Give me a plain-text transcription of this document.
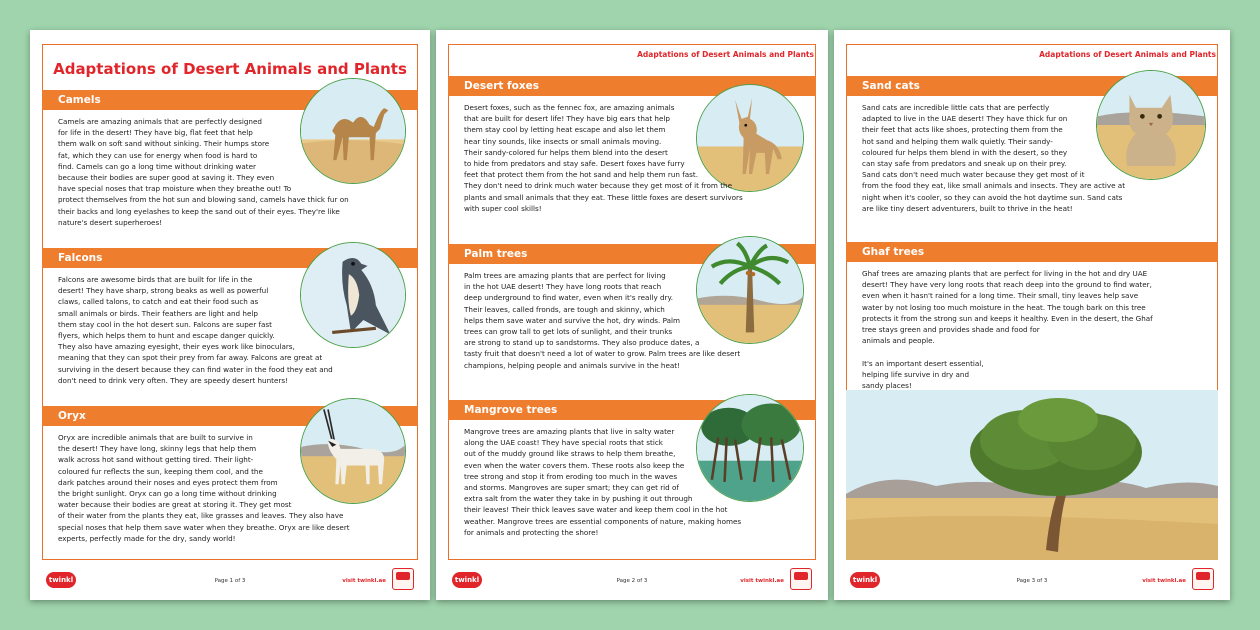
Adaptations of Desert Animals and Plants
Camels
Camels are amazing animals that are perfectly designed
for life in the desert! They have big, flat feet that help
them walk on soft sand without sinking. Their humps store
fat, which they can use for energy when food is hard to
find. Camels can go a long time without drinking water
because their bodies are super good at saving it. They even
have special noses that trap moisture when they breathe out! To
protect themselves from the hot sun and blowing sand, camels have thick fur on
their backs and long eyelashes to keep the sand out of their eyes. They're like
nature's desert superheroes!
Falcons
Falcons are awesome birds that are built for life in the
desert! They have sharp, strong beaks as well as powerful
claws, called talons, to catch and eat their food such as
small animals or birds. Their feathers are light and help
them stay cool in the hot desert sun. Falcons are super fast
flyers, which helps them to hunt and escape danger quickly.
They also have amazing eyesight, their eyes work like binoculars,
meaning that they can spot their prey from far away. Falcons are great at
surviving in the desert because they can find water in the food they eat and
don't need to drink very often. They are speedy desert hunters!
Oryx
Oryx are incredible animals that are built to survive in
the desert! They have long, skinny legs that help them
walk across hot sand without getting tired. Their light-
coloured fur reflects the sun, keeping them cool, and the
dark patches around their noses and eyes protect them from
the bright sunlight. Oryx can go a long time without drinking
water because their bodies are great at storing it. They get most
of their water from the plants they eat, like grasses and leaves. They also have
special noses that help them save water when they breathe. Oryx are like desert
experts, perfectly made for the dry, sandy world!
twinkl	Page 1 of 3	visit twinkl.ae
Adaptations of Desert Animals and Plants
Desert foxes
Desert foxes, such as the fennec fox, are amazing animals
that are built for desert life! They have big ears that help
them stay cool by letting heat escape and also let them
hear tiny sounds, like insects or small animals moving.
Their sandy-colored fur helps them blend into the desert
to hide from predators and stay safe. Desert foxes have furry
feet that protect them from the hot sand and help them run fast.
They don't need to drink much water because they get most of it from the
plants and small animals that they eat. These little foxes are desert survivors
with super cool skills!
Palm trees
Palm trees are amazing plants that are perfect for living
in the hot UAE desert! They have long roots that reach
deep underground to find water, even when it's really dry.
Their leaves, called fronds, are tough and skinny, which
helps them save water and survive the hot, dry winds. Palm
trees can grow tall to get lots of sunlight, and their trunks
are strong to stand up to sandstorms. They also produce dates, a
tasty fruit that doesn't need a lot of water to grow. Palm trees are like desert
champions, helping people and animals survive in the heat!
Mangrove trees
Mangrove trees are amazing plants that live in salty water
along the UAE coast! They have special roots that stick
out of the muddy ground like straws to help them breathe,
even when the water covers them. These roots also keep the
tree strong and stop it from eroding too much in the waves
and storms. Mangroves are super smart; they can get rid of
extra salt from the water they take in by pushing it out through
their leaves! Their thick leaves save water and keep them cool in the hot
weather. Mangrove trees are essential components of nature, making homes
for animals and protecting the shore!
twinkl	Page 2 of 3	visit twinkl.ae
Adaptations of Desert Animals and Plants
Sand cats
Sand cats are incredible little cats that are perfectly
adapted to live in the UAE desert! They have thick fur on
their feet that acts like shoes, protecting them from the
hot sand and helping them walk quietly. Their sandy-
coloured fur helps them blend in with the desert, so they
can stay safe from predators and sneak up on their prey.
Sand cats don't need much water because they get most of it
from the food they eat, like small animals and insects. They are active at
night when it's cooler, so they can avoid the hot daytime sun. Sand cats
are like tiny desert adventurers, built to thrive in the heat!
Ghaf trees
Ghaf trees are amazing plants that are perfect for living in the hot and dry UAE
desert! They have very long roots that reach deep into the ground to find water,
even when it hasn't rained for a long time. Their small, tiny leaves help save
water by not losing too much moisture in the heat. The tough bark on this tree
protects it from the strong sun and keeps it healthy. Even in the desert, the Ghaf
tree stays green and provides shade and food for
animals and people.
It's an important desert essential,
helping life survive in dry and
sandy places!
twinkl	Page 3 of 3	visit twinkl.ae
